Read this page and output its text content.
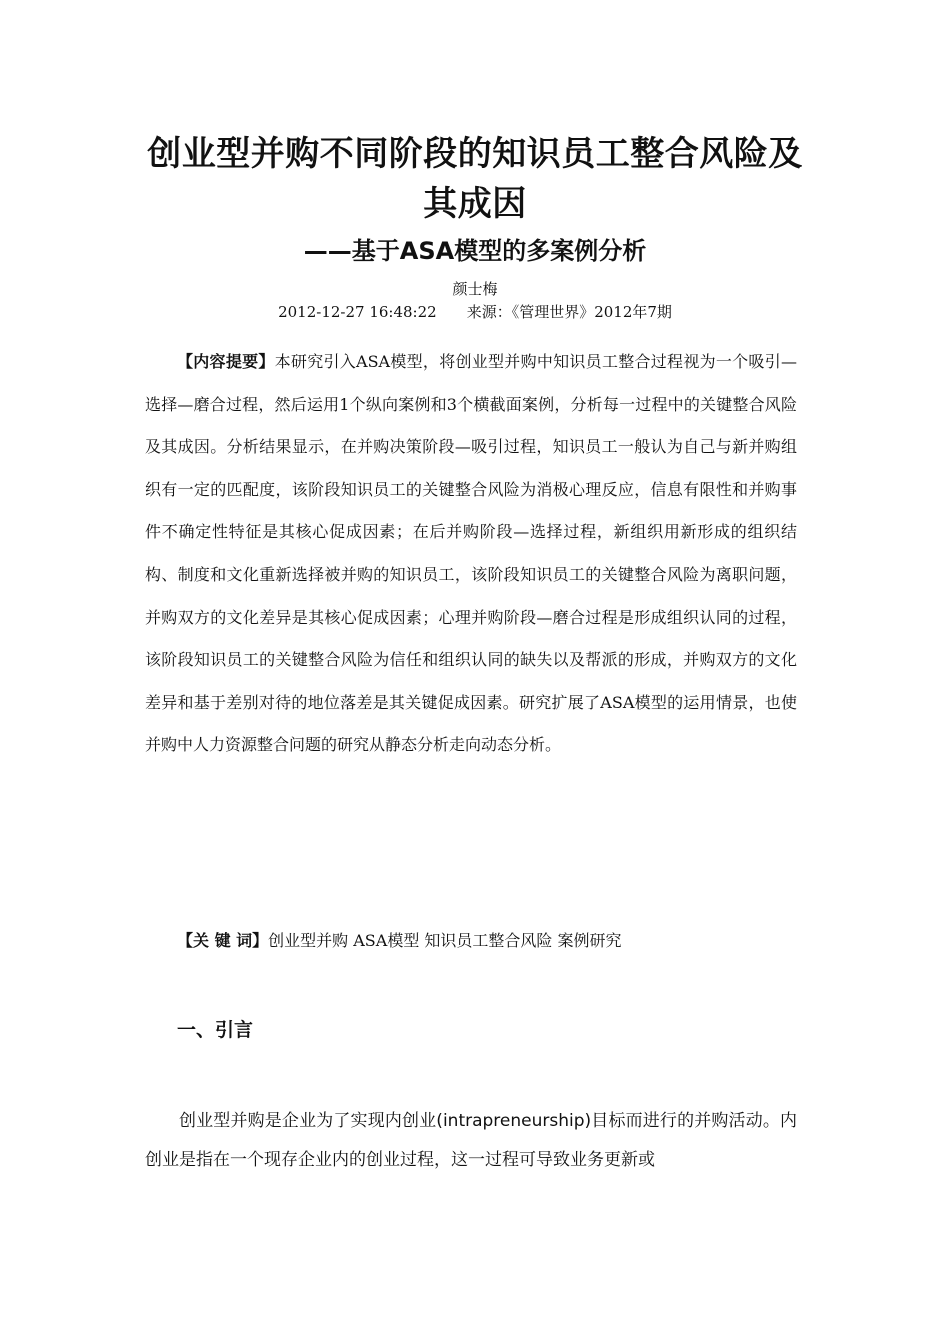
创业型并购不同阶段的知识员工整合风险及
其成因
——基于ASA模型的多案例分析
颜士梅
2012-12-27 16:48:22 来源：《管理世界》2012年7期

【内容提要】本研究引入ASA模型，将创业型并购中知识员工整合过程视为一个吸引—选择—磨合过程，然后运用1个纵向案例和3个横截面案例，分析每一过程中的关键整合风险及其成因。分析结果显示，在并购决策阶段—吸引过程，知识员工一般认为自己与新并购组织有一定的匹配度，该阶段知识员工的关键整合风险为消极心理反应，信息有限性和并购事件不确定性特征是其核心促成因素；在后并购阶段—选择过程，新组织用新形成的组织结构、制度和文化重新选择被并购的知识员工，该阶段知识员工的关键整合风险为离职问题，并购双方的文化差异是其核心促成因素；心理并购阶段—磨合过程是形成组织认同的过程，该阶段知识员工的关键整合风险为信任和组织认同的缺失以及帮派的形成，并购双方的文化差异和基于差别对待的地位落差是其关键促成因素。研究扩展了ASA模型的运用情景，也使并购中人力资源整合问题的研究从静态分析走向动态分析。

【关 键 词】创业型并购 ASA模型 知识员工整合风险 案例研究
一、引言

创业型并购是企业为了实现内创业(intrapreneurship)目标而进行的并购活动。内创业是指在一个现存企业内的创业过程，这一过程可导致业务更新或
